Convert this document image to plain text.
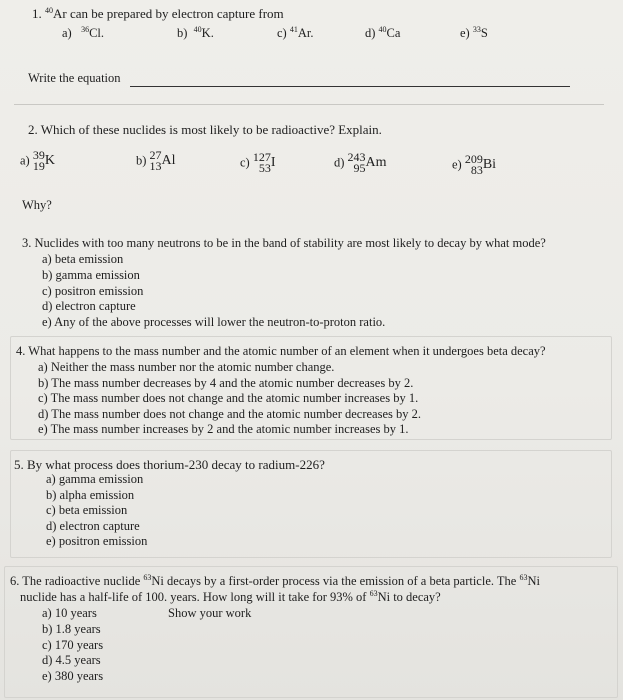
1. $^{40}$Ar can be prepared by electron capture from
a) $^{36}$Cl.	b) $^{40}$K.	c) $^{41}$Ar.	d) $^{40}$Ca	e) $^{33}$S
Write the equation
2. Which of these nuclides is most likely to be radioactive? Explain.
a) 39
19 K	b) 27
13 Al	c) 127
53 I	d) 243
95 Am	e) 209
83 Bi
Why?
3. Nuclides with too many neutrons to be in the band of stability are most likely to decay by what mode?
a) beta emission
b) gamma emission
c) positron emission
d) electron capture
e) Any of the above processes will lower the neutron-to-proton ratio.
4. What happens to the mass number and the atomic number of an element when it undergoes beta decay?
a) Neither the mass number nor the atomic number change.
b) The mass number decreases by 4 and the atomic number decreases by 2.
c) The mass number does not change and the atomic number increases by 1.
d) The mass number does not change and the atomic number decreases by 2.
e) The mass number increases by 2 and the atomic number increases by 1.
5. By what process does thorium-230 decay to radium-226?
a) gamma emission
b) alpha emission
c) beta emission
d) electron capture
e) positron emission
6. The radioactive nuclide $^{63}$Ni decays by a first-order process via the emission of a beta particle. The $^{63}$Ni
nuclide has a half-life of 100. years. How long will it take for 93% of $^{63}$Ni to decay?
Show your work
a) 10 years
b) 1.8 years
c) 170 years
d) 4.5 years
e) 380 years
